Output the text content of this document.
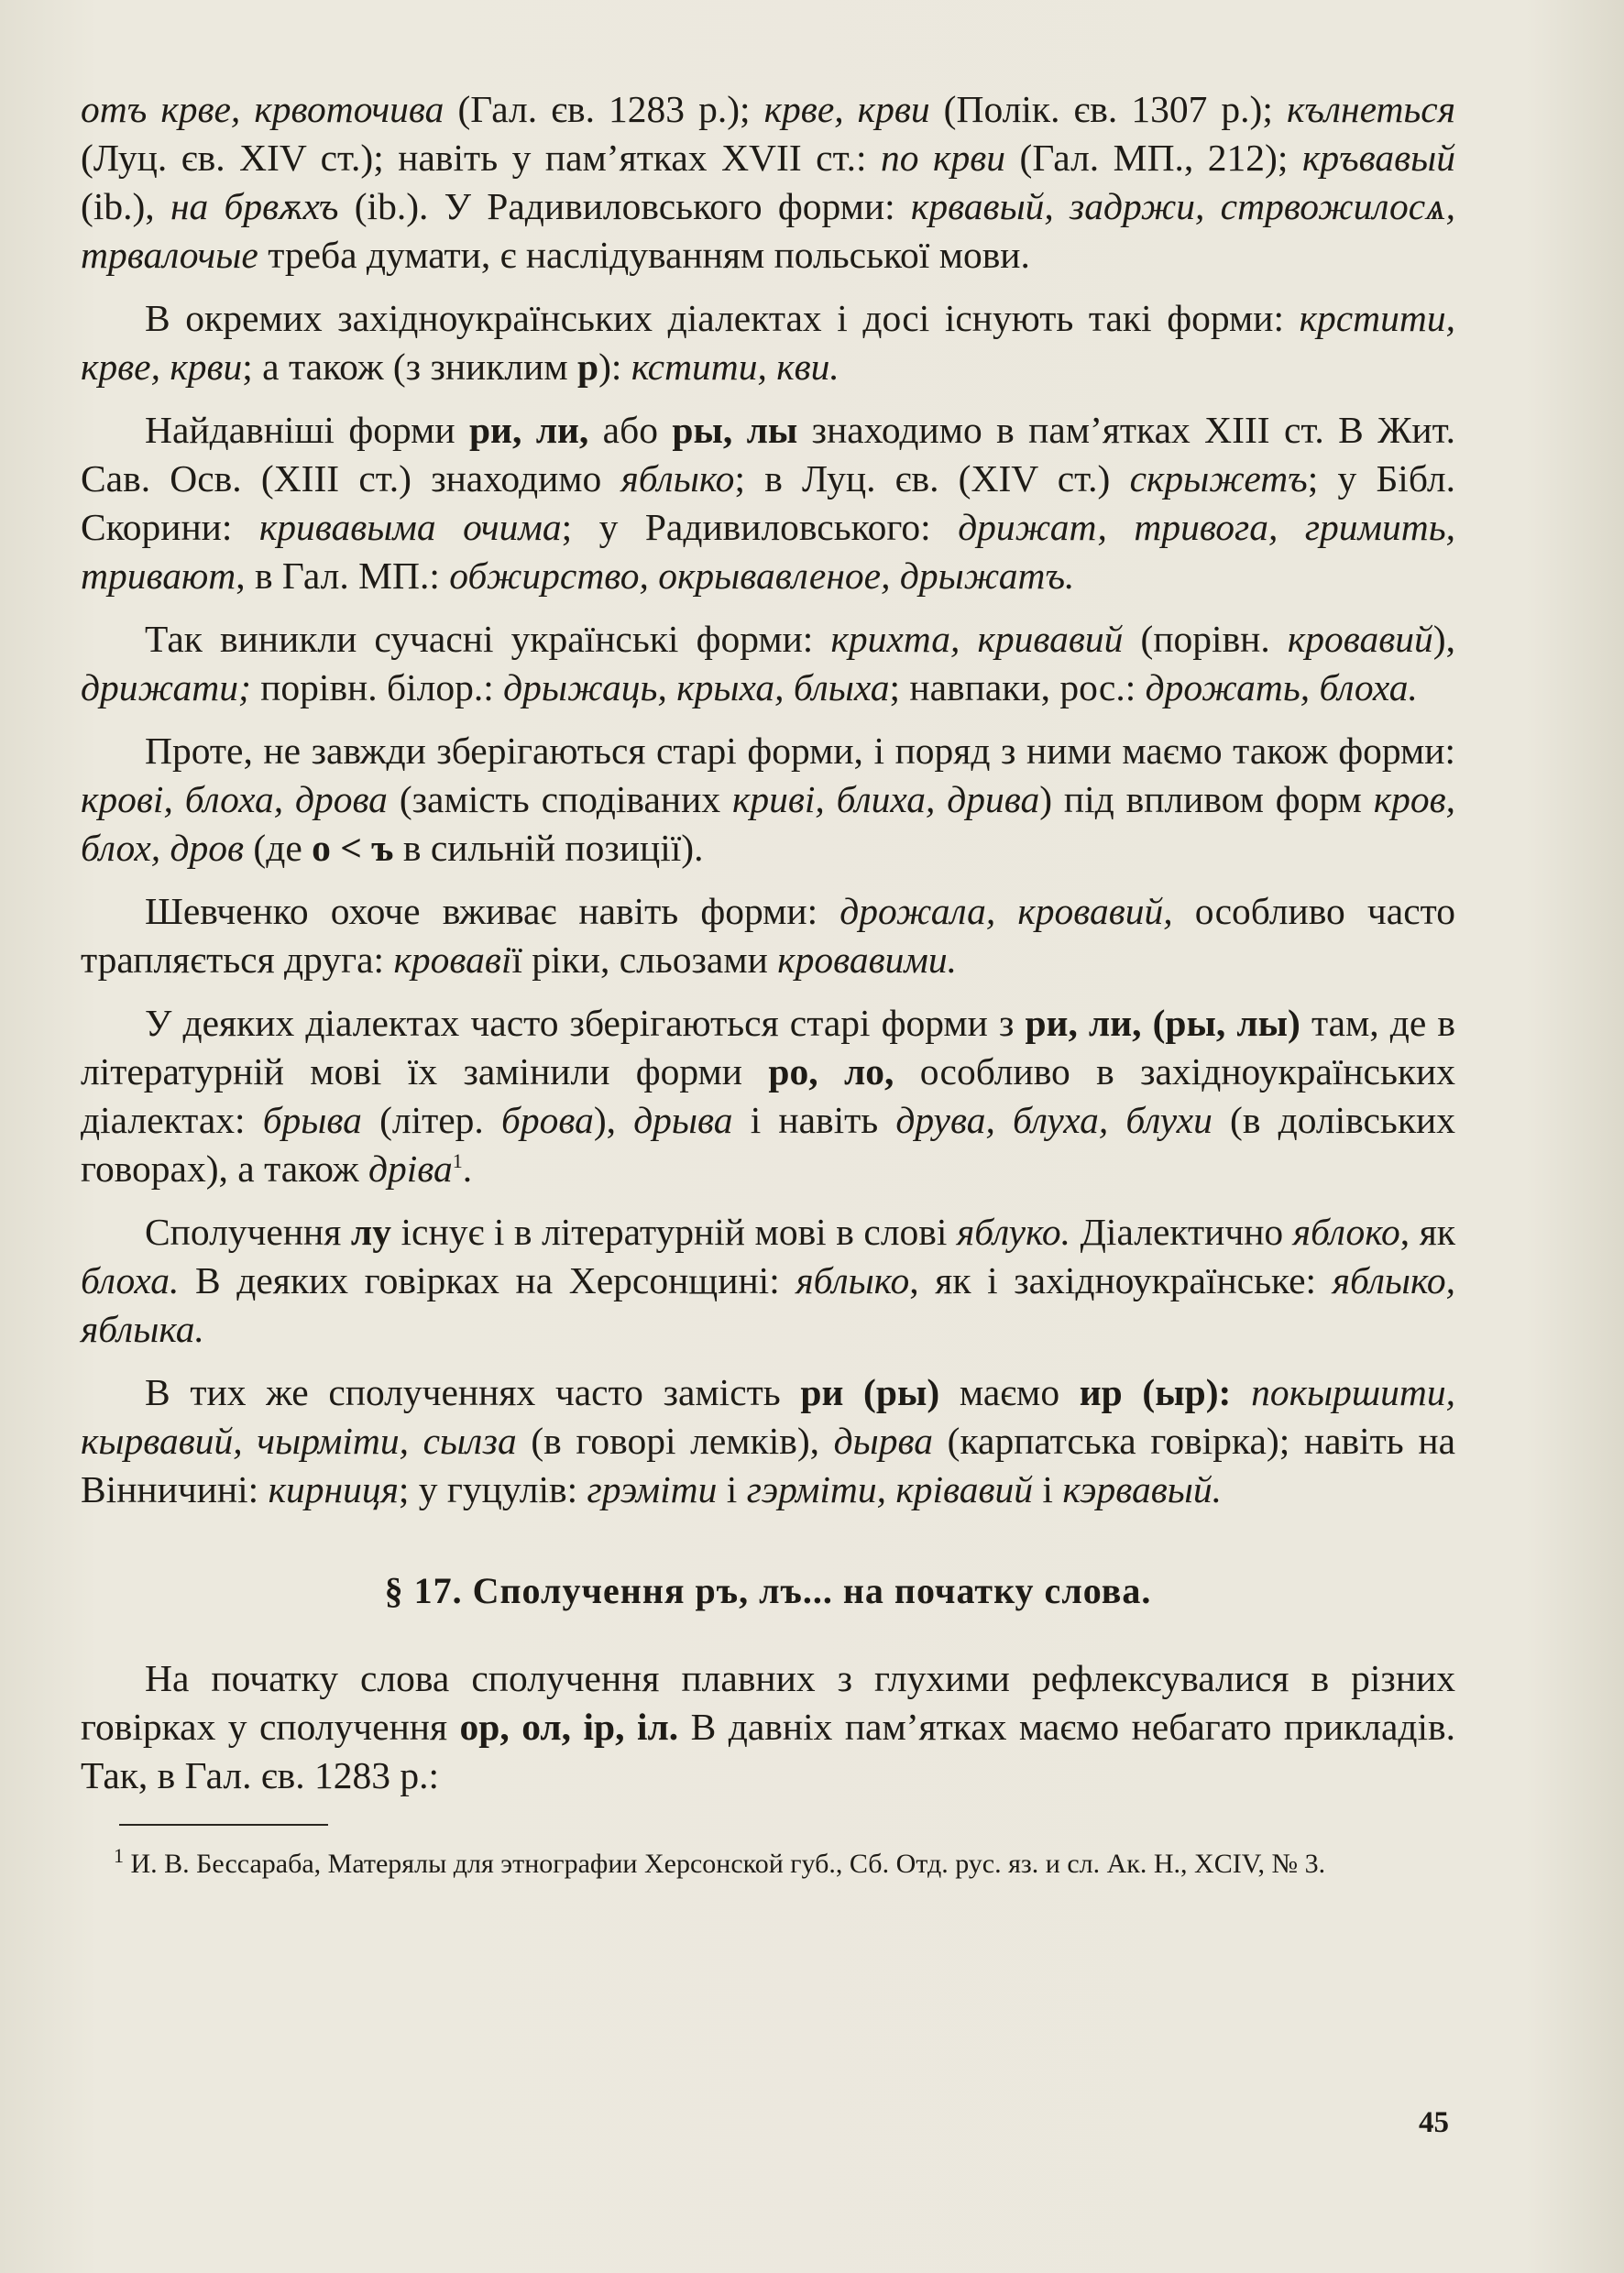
отъ крве, крвоточива (Гал. єв. 1283 р.); крве, крви (Полік. єв. 1307 р.); кълнеться (Луц. єв. XIV ст.); навіть у пам’ятках XVII ст.: по крви (Гал. МП., 212); кръвавый (ib.), на брвѫхъ (ib.). У Радивиловського форми: крвавый, задржи, стрвожилосѧ, трвалочые треба думати, є наслідуванням польської мови.
В окремих західноукраїнських діалектах і досі існують такі форми: крстити, крве, крви; а також (з зниклим р): кстити, кви.
Найдавніші форми ри, ли, або ры, лы знаходимо в пам’ятках XIII ст. В Жит. Сав. Осв. (XIII ст.) знаходимо яблыко; в Луц. єв. (XIV ст.) скрыжетъ; у Бібл. Скорини: кривавыма очима; у Радивиловського: дрижат, тривога, гримить, тривают, в Гал. МП.: обжирство, окрывавленое, дрыжатъ.
Так виникли сучасні українські форми: крихта, кривавий (порівн. кровавий), дрижати; порівн. білор.: дрыжаць, крыха, блыха; навпаки, рос.: дрожать, блоха.
Проте, не завжди зберігаються старі форми, і поряд з ними маємо також форми: крові, блоха, дрова (замість сподіваних криві, блиха, дрива) під впливом форм кров, блох, дров (де о < ъ в сильній позиції).
Шевченко охоче вживає навіть форми: дрожала, кровавий, особливо часто трапляється друга: кровавії ріки, сльозами кровавими.
У деяких діалектах часто зберігаються старі форми з ри, ли, (ры, лы) там, де в літературній мові їх замінили форми ро, ло, особливо в західноукраїнських діалектах: брыва (літер. брова), дрыва і навіть друва, блуха, блухи (в долівських говорах), а також дріва$^1$.
Сполучення лу існує і в літературній мові в слові яблуко. Діалектично яблоко, як блоха. В деяких говірках на Херсонщині: яблыко, як і західноукраїнське: яблыко, яблыка.
В тих же сполученнях часто замість ри (ры) маємо ир (ыр): покыршити, кырвавий, чырміти, сылза (в говорі лемків), дырва (карпатська говірка); навіть на Вінничині: кирниця; у гуцулів: грэміти і гэрміти, крівавий і кэрвавый.
§ 17. Сполучення ръ, лъ... на початку слова.
На початку слова сполучення плавних з глухими рефлексувалися в різних говірках у сполучення ор, ол, ір, іл. В давніх пам’ятках маємо небагато прикладів. Так, в Гал. єв. 1283 р.:

$^1$ И. В. Бессараба, Матерялы для этнографии Херсонской губ., Сб. Отд. рус. яз. и сл. Ак. Н., XCIV, № 3.

45
